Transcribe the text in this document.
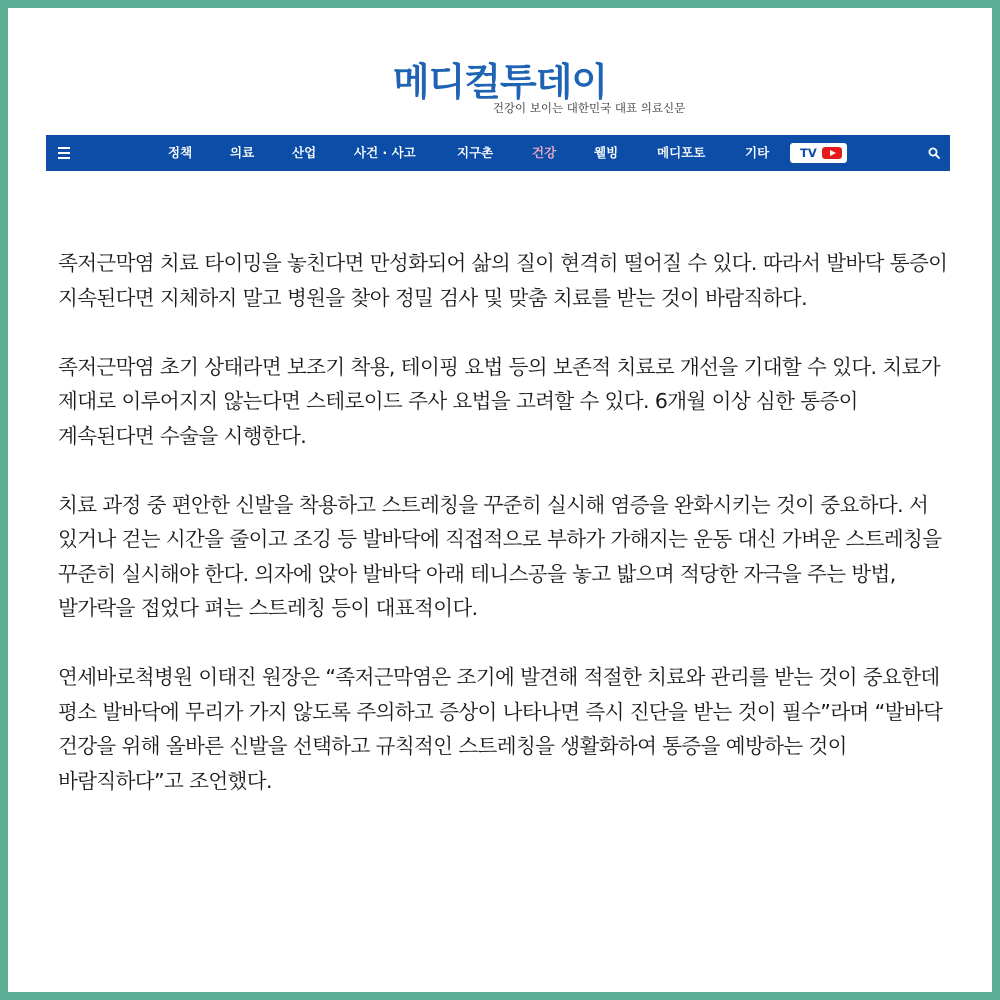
메디컬투데이
건강이 보이는 대한민국 대표 의료신문
정책	의료	산업	사건 · 사고	지구촌	건강	웰빙	메디포토	기타	TV

족저근막염 치료 타이밍을 놓친다면 만성화되어 삶의 질이 현격히 떨어질 수 있다. 따라서 발바닥 통증이 지속된다면 지체하지 말고 병원을 찾아 정밀 검사 및 맞춤 치료를 받는 것이 바람직하다.

족저근막염 초기 상태라면 보조기 착용, 테이핑 요법 등의 보존적 치료로 개선을 기대할 수 있다. 치료가 제대로 이루어지지 않는다면 스테로이드 주사 요법을 고려할 수 있다. 6개월 이상 심한 통증이 계속된다면 수술을 시행한다.

치료 과정 중 편안한 신발을 착용하고 스트레칭을 꾸준히 실시해 염증을 완화시키는 것이 중요하다. 서 있거나 걷는 시간을 줄이고 조깅 등 발바닥에 직접적으로 부하가 가해지는 운동 대신 가벼운 스트레칭을 꾸준히 실시해야 한다. 의자에 앉아 발바닥 아래 테니스공을 놓고 밟으며 적당한 자극을 주는 방법, 발가락을 접었다 펴는 스트레칭 등이 대표적이다.

연세바로척병원 이태진 원장은 “족저근막염은 조기에 발견해 적절한 치료와 관리를 받는 것이 중요한데 평소 발바닥에 무리가 가지 않도록 주의하고 증상이 나타나면 즉시 진단을 받는 것이 필수”라며 “발바닥 건강을 위해 올바른 신발을 선택하고 규칙적인 스트레칭을 생활화하여 통증을 예방하는 것이 바람직하다”고 조언했다.
